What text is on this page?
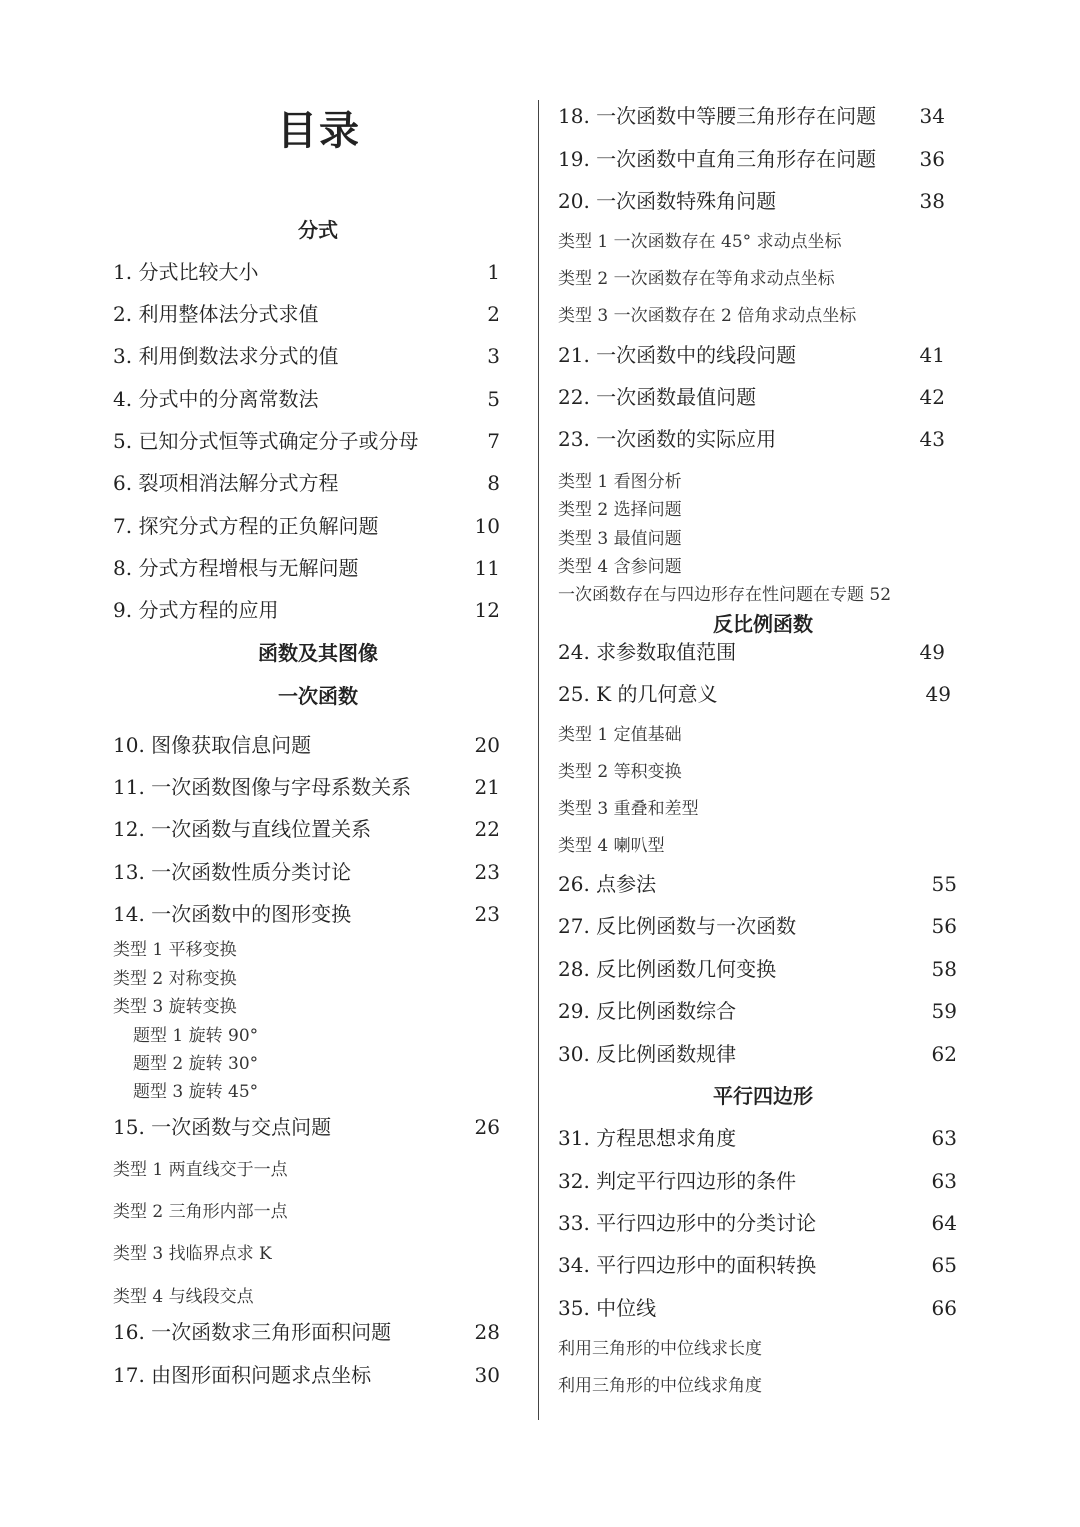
目录
分式
1. 分式比较大小	1
2. 利用整体法分式求值	2
3. 利用倒数法求分式的值	3
4. 分式中的分离常数法	5
5. 已知分式恒等式确定分子或分母	7
6. 裂项相消法解分式方程	8
7. 探究分式方程的正负解问题	10
8. 分式方程增根与无解问题	11
9. 分式方程的应用	12
函数及其图像
一次函数
10. 图像获取信息问题	20
11. 一次函数图像与字母系数关系	21
12. 一次函数与直线位置关系	22
13. 一次函数性质分类讨论	23
14. 一次函数中的图形变换	23
类型 1 平移变换
类型 2 对称变换
类型 3 旋转变换
题型 1 旋转 90°
题型 2 旋转 30°
题型 3 旋转 45°
15. 一次函数与交点问题	26
类型 1 两直线交于一点
类型 2 三角形内部一点
类型 3 找临界点求 K
类型 4 与线段交点
16. 一次函数求三角形面积问题	28
17. 由图形面积问题求点坐标	30
18. 一次函数中等腰三角形存在问题	34
19. 一次函数中直角三角形存在问题	36
20. 一次函数特殊角问题	38
类型 1 一次函数存在 45° 求动点坐标
类型 2 一次函数存在等角求动点坐标
类型 3 一次函数存在 2 倍角求动点坐标
21. 一次函数中的线段问题	41
22. 一次函数最值问题	42
23. 一次函数的实际应用	43
类型 1 看图分析
类型 2 选择问题
类型 3 最值问题
类型 4 含参问题
一次函数存在与四边形存在性问题在专题 52
反比例函数
24. 求参数取值范围	49
25. K 的几何意义	49
类型 1 定值基础
类型 2 等积变换
类型 3 重叠和差型
类型 4 喇叭型
26. 点参法	55
27. 反比例函数与一次函数	56
28. 反比例函数几何变换	58
29. 反比例函数综合	59
30. 反比例函数规律	62
平行四边形
31. 方程思想求角度	63
32. 判定平行四边形的条件	63
33. 平行四边形中的分类讨论	64
34. 平行四边形中的面积转换	65
35. 中位线	66
利用三角形的中位线求长度
利用三角形的中位线求角度
